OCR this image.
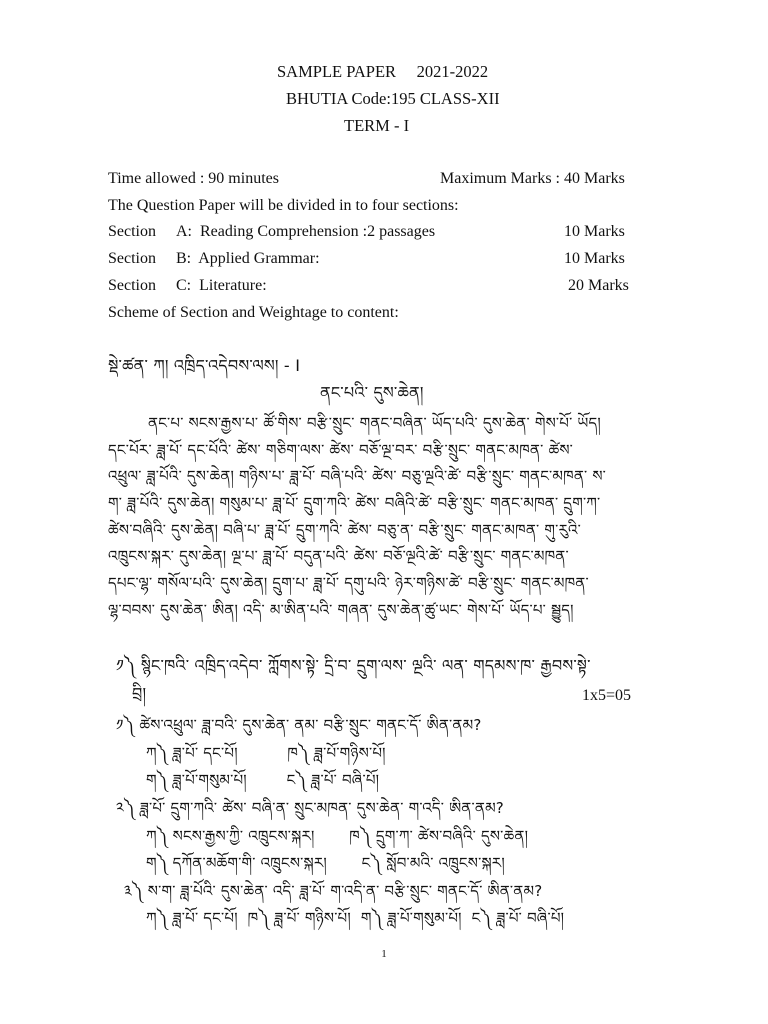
SAMPLE PAPER     2021-2022
BHUTIA Code:195 CLASS-XII
TERM - I
Time allowed : 90 minutes	Maximum Marks : 40 Marks
The Question Paper will be divided in to four sections:
Section A:  Reading Comprehension :2 passages	10 Marks
Section B:  Applied Grammar:	10 Marks
Section C:  Literature:	20 Marks
Scheme of Section and Weightage to content:
སྡེ་ཚན་ ཀ། འཁྲིད་འདེབས་ལས། - I
ནང་པའི་ དུས་ཆེན།
ནང་པ་ སངས་རྒྱས་པ་ ཚོ་གིས་ བརྩི་སྲུང་ གནང་བཞིན་ ཡོད་པའི་ དུས་ཆེན་ གེས་པོ་ ཡོད།
དང་པོར་ ཟླ་པོ་ དང་པོའི་ ཚེས་ གཅིག་ལས་ ཚེས་ བཅོ་ལྔ་བར་ བརྩི་སྲུང་ གནང་མཁན་ ཚེས་
འཕྲུལ་ ཟླ་པོའི་ དུས་ཆེན། གཉིས་པ་ ཟླ་པོ་ བཞི་པའི་ ཚེས་ བཅུ་ལྔའི་ཚེ་ བརྩི་སྲུང་ གནང་མཁན་ ས་
ག་ ཟླ་པོའི་ དུས་ཆེན། གསུམ་པ་ ཟླ་པོ་ དྲུག་ཀའི་ ཚེས་ བཞིའི་ཚེ་ བརྩི་སྲུང་ གནང་མཁན་ དྲུག་ཀ་
ཚེས་བཞིའི་ དུས་ཆེན། བཞི་པ་ ཟླ་པོ་ དྲུག་ཀའི་ ཚེས་ བཅུ་ན་ བརྩི་སྲུང་ གནང་མཁན་ གུ་རུའི་
འཁྲུངས་སྐར་ དུས་ཆེན། ལྔ་པ་ ཟླ་པོ་ བདུན་པའི་ ཚེས་ བཅོ་ལྔའི་ཚེ་ བརྩི་སྲུང་ གནང་མཁན་
དཔང་ལྷ་ གསོལ་པའི་ དུས་ཆེན། དྲུག་པ་ ཟླ་པོ་ དགུ་པའི་ ཉེར་གཉིས་ཚེ་ བརྩི་སྲུང་ གནང་མཁན་
ལྷ་བབས་ དུས་ཆེན་ ཨིན། འདི་ མ་ཨིན་པའི་ གཞན་ དུས་ཆེན་ཚུ་ཡང་ གེས་པོ་ ཡོད་པ་ སྦྱུད།
༡༽ སྙིང་ཁའི་ འཁྲིད་འདེབ་ ཀློགས་སྟེ་ དྲི་བ་ དྲུག་ལས་ ལྔའི་ ལན་ གདམས་ཁ་ རྒྱབས་སྟེ་
བྲི།	1x5=05
༡༽ ཚེས་འཕྲུལ་ ཟླ་བའི་ དུས་ཆེན་ ནམ་ བརྩི་སྲུང་ གནང་དོ་ ཨིན་ནམ?
ཀ༽ ཟླ་པོ་ དང་པོ།          ཁ༽ ཟླ་པོ་གཉིས་པོ།
ག༽ ཟླ་པོ་གསུམ་པོ།        ང༽ ཟླ་པོ་ བཞི་པོ།
༢༽ ཟླ་པོ་ དྲུག་ཀའི་ ཚེས་ བཞི་ན་ སྲུང་མཁན་ དུས་ཆེན་ ག་འདི་ ཨིན་ནམ?
ཀ༽ སངས་རྒྱས་ཀྱི་ འཁྲུངས་སྐར།       ཁ༽ དྲུག་ཀ་ ཚེས་བཞིའི་ དུས་ཆེན།
ག༽ དཀོན་མཆོག་གི་ འཁྲུངས་སྐར།       ང༽ སློབ་མའི་ འཁྲུངས་སྐར།
༣༽ ས་ག་ ཟླ་པོའི་ དུས་ཆེན་ འདི་ ཟླ་པོ་ ག་འདི་ན་ བརྩི་སྲུང་ གནང་དོ་ ཨིན་ནམ?
ཀ༽ ཟླ་པོ་ དང་པོ།  ཁ༽ ཟླ་པོ་ གཉིས་པོ།  ག༽ ཟླ་པོ་གསུམ་པོ།  ང༽ ཟླ་པོ་ བཞི་པོ།
1
